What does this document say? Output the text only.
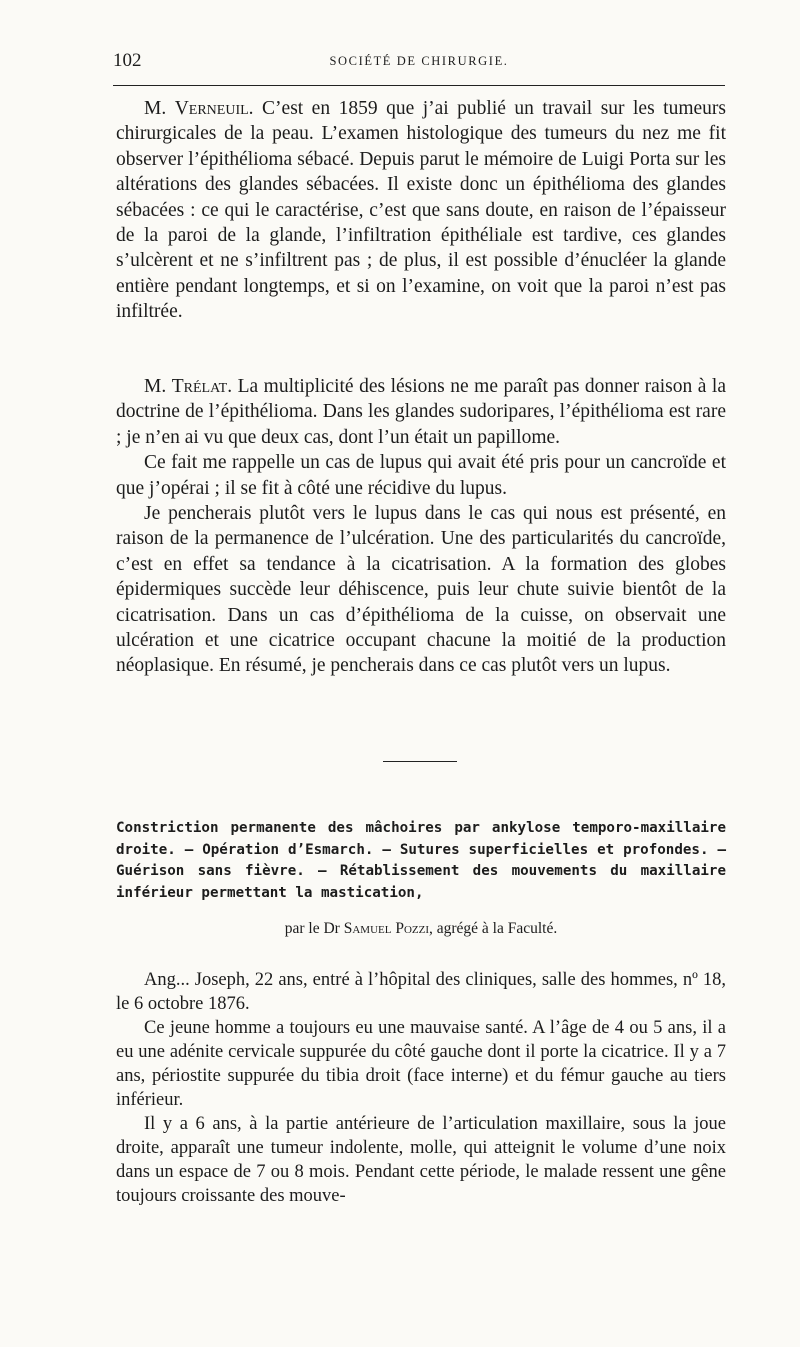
102	SOCIÉTÉ DE CHIRURGIE.

M. Verneuil. C’est en 1859 que j’ai publié un travail sur les tumeurs chirurgicales de la peau. L’examen histologique des tumeurs du nez me fit observer l’épithélioma sébacé. Depuis parut le mémoire de Luigi Porta sur les altérations des glandes sébacées. Il existe donc un épithélioma des glandes sébacées : ce qui le caractérise, c’est que sans doute, en raison de l’épaisseur de la paroi de la glande, l’infiltration épithéliale est tardive, ces glandes s’ulcèrent et ne s’infiltrent pas ; de plus, il est possible d’énucléer la glande entière pendant longtemps, et si on l’examine, on voit que la paroi n’est pas infiltrée.

M. Trélat. La multiplicité des lésions ne me paraît pas donner raison à la doctrine de l’épithélioma. Dans les glandes sudoripares, l’épithélioma est rare ; je n’en ai vu que deux cas, dont l’un était un papillome.

Ce fait me rappelle un cas de lupus qui avait été pris pour un cancroïde et que j’opérai ; il se fit à côté une récidive du lupus.

Je pencherais plutôt vers le lupus dans le cas qui nous est présenté, en raison de la permanence de l’ulcération. Une des particularités du cancroïde, c’est en effet sa tendance à la cicatrisation. A la formation des globes épidermiques succède leur déhiscence, puis leur chute suivie bientôt de la cicatrisation. Dans un cas d’épithélioma de la cuisse, on observait une ulcération et une cicatrice occupant chacune la moitié de la production néoplasique. En résumé, je pencherais dans ce cas plutôt vers un lupus.

Constriction permanente des mâchoires par ankylose temporo-maxillaire droite. — Opération d’Esmarch. — Sutures superficielles et profondes. — Guérison sans fièvre. — Rétablissement des mouvements du maxillaire inférieur permettant la mastication,

par le Dr Samuel Pozzi, agrégé à la Faculté.

Ang... Joseph, 22 ans, entré à l’hôpital des cliniques, salle des hommes, nº 18, le 6 octobre 1876.

Ce jeune homme a toujours eu une mauvaise santé. A l’âge de 4 ou 5 ans, il a eu une adénite cervicale suppurée du côté gauche dont il porte la cicatrice. Il y a 7 ans, périostite suppurée du tibia droit (face interne) et du fémur gauche au tiers inférieur.

Il y a 6 ans, à la partie antérieure de l’articulation maxillaire, sous la joue droite, apparaît une tumeur indolente, molle, qui atteignit le volume d’une noix dans un espace de 7 ou 8 mois. Pendant cette période, le malade ressent une gêne toujours croissante des mouve-
